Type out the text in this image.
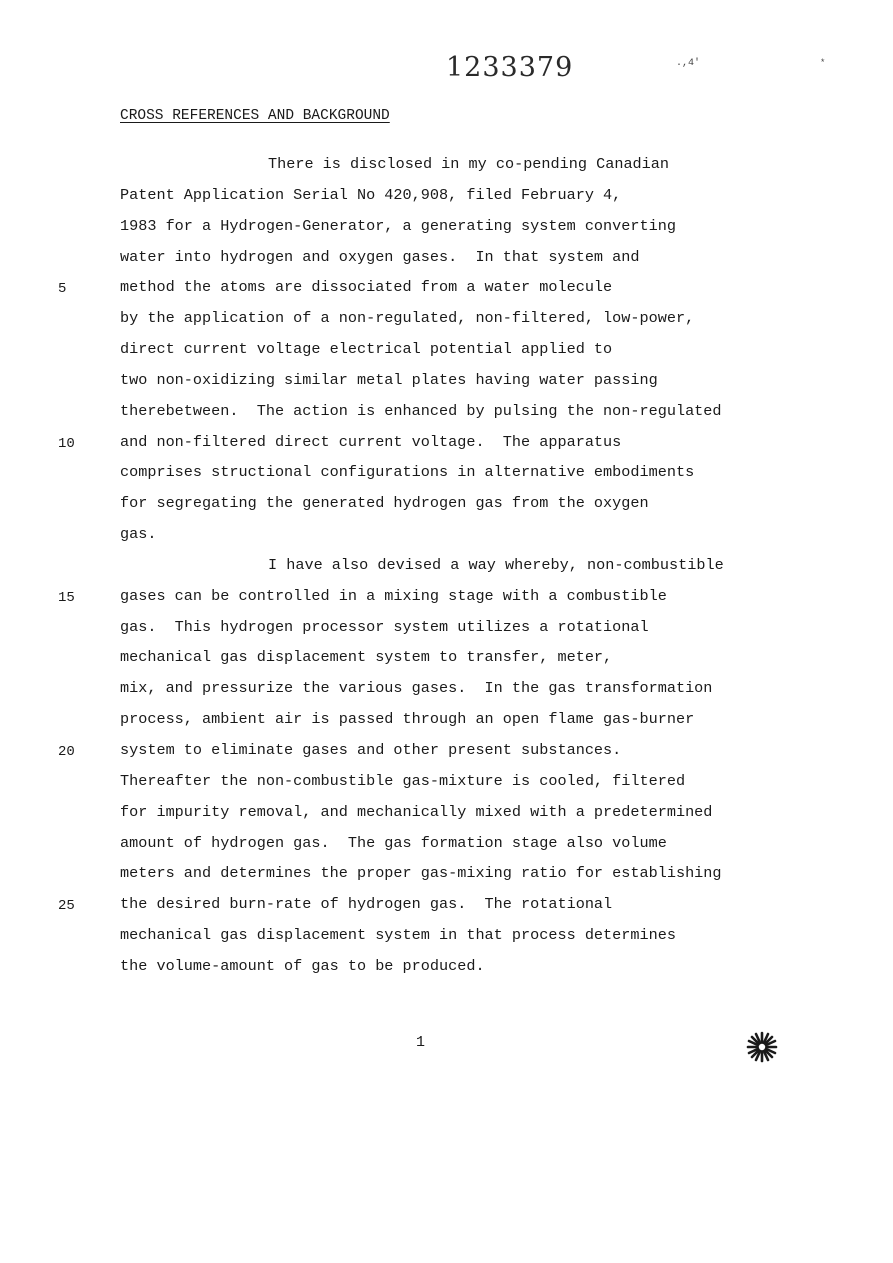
1233379	.,4'	*
CROSS REFERENCES AND BACKGROUND
There is disclosed in my co-pending Canadian
Patent Application Serial No 420,908, filed February 4,
1983 for a Hydrogen-Generator, a generating system converting
water into hydrogen and oxygen gases.  In that system and
method the atoms are dissociated from a water molecule
by the application of a non-regulated, non-filtered, low-power,
direct current voltage electrical potential applied to
two non-oxidizing similar metal plates having water passing
therebetween.  The action is enhanced by pulsing the non-regulated
and non-filtered direct current voltage.  The apparatus
comprises structional configurations in alternative embodiments
for segregating the generated hydrogen gas from the oxygen
gas.
I have also devised a way whereby, non-combustible
gases can be controlled in a mixing stage with a combustible
gas.  This hydrogen processor system utilizes a rotational
mechanical gas displacement system to transfer, meter,
mix, and pressurize the various gases.  In the gas transformation
process, ambient air is passed through an open flame gas-burner
system to eliminate gases and other present substances.
Thereafter the non-combustible gas-mixture is cooled, filtered
for impurity removal, and mechanically mixed with a predetermined
amount of hydrogen gas.  The gas formation stage also volume
meters and determines the proper gas-mixing ratio for establishing
the desired burn-rate of hydrogen gas.  The rotational
mechanical gas displacement system in that process determines
the volume-amount of gas to be produced.
5
10
15
20
25
1
